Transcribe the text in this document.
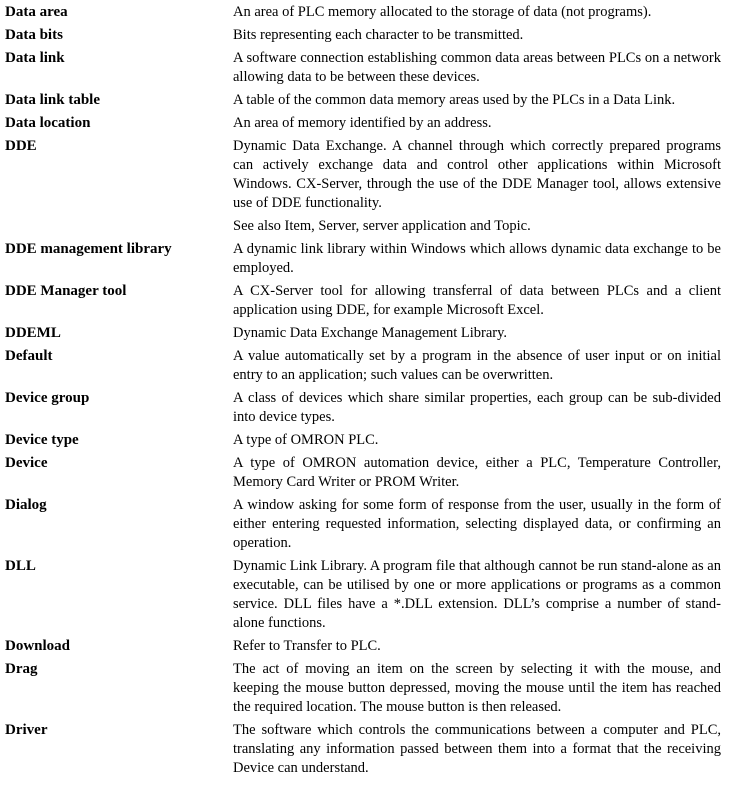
Data area	An area of PLC memory allocated to the storage of data (not programs).

Data bits	Bits representing each character to be transmitted.

Data link	A software connection establishing common data areas between PLCs on a network allowing data to be between these devices.

Data link table	A table of the common data memory areas used by the PLCs in a Data Link.

Data location	An area of memory identified by an address.

DDE	Dynamic Data Exchange. A channel through which correctly prepared programs can actively exchange data and control other applications within Microsoft Windows. CX-Server, through the use of the DDE Manager tool, allows extensive use of DDE functionality.

See also Item, Server, server application and Topic.

DDE management library	A dynamic link library within Windows which allows dynamic data exchange to be employed.

DDE Manager tool	A CX-Server tool for allowing transferral of data between PLCs and a client application using DDE, for example Microsoft Excel.

DDEML	Dynamic Data Exchange Management Library.

Default	A value automatically set by a program in the absence of user input or on initial entry to an application; such values can be overwritten.

Device group	A class of devices which share similar properties, each group can be sub-divided into device types.

Device type	A type of OMRON PLC.

Device	A type of OMRON automation device, either a PLC, Temperature Controller, Memory Card Writer or PROM Writer.

Dialog	A window asking for some form of response from the user, usually in the form of either entering requested information, selecting displayed data, or confirming an operation.

DLL	Dynamic Link Library. A program file that although cannot be run stand-alone as an executable, can be utilised by one or more applications or programs as a common service. DLL files have a *.DLL extension. DLL’s comprise a number of stand-alone functions.

Download	Refer to Transfer to PLC.

Drag	The act of moving an item on the screen by selecting it with the mouse, and keeping the mouse button depressed, moving the mouse until the item has reached the required location. The mouse button is then released.

Driver	The software which controls the communications between a computer and PLC, translating any information passed between them into a format that the receiving Device can understand.
